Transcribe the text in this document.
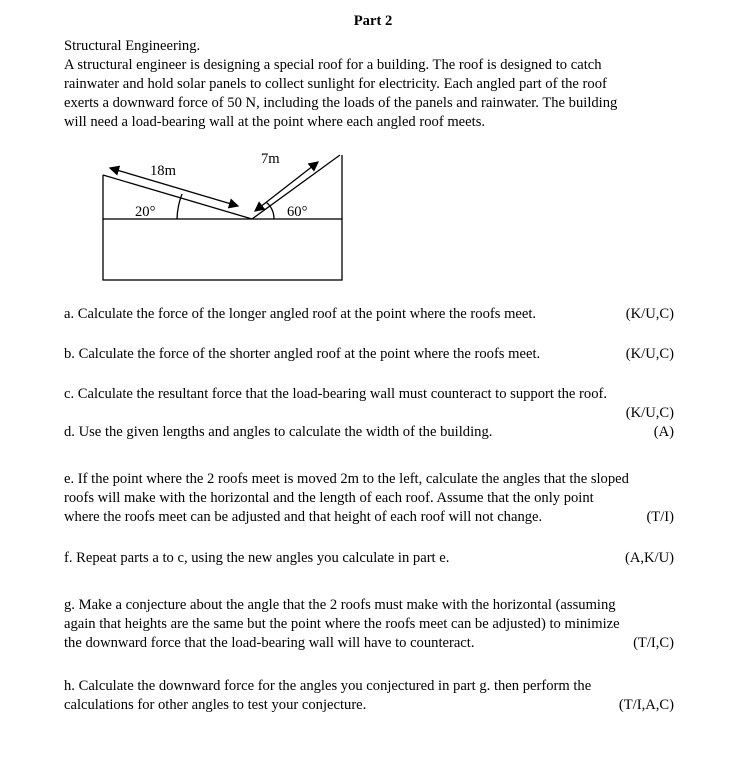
Part 2
Structural Engineering.
A structural engineer is designing a special roof for a building. The roof is designed to catch
rainwater and hold solar panels to collect sunlight for electricity. Each angled part of the roof
exerts a downward force of 50 N, including the loads of the panels and rainwater. The building
will need a load-bearing wall at the point where each angled roof meets.
18m
7m
20°	60°
a. Calculate the force of the longer angled roof at the point where the roofs meet.	(K/U,C)
b. Calculate the force of the shorter angled roof at the point where the roofs meet.	(K/U,C)
c. Calculate the resultant force that the load-bearing wall must counteract to support the roof.
(K/U,C)
d. Use the given lengths and angles to calculate the width of the building.	(A)
e. If the point where the 2 roofs meet is moved 2m to the left, calculate the angles that the sloped
roofs will make with the horizontal and the length of each roof. Assume that the only point
where the roofs meet can be adjusted and that height of each roof will not change.	(T/I)
f. Repeat parts a to c, using the new angles you calculate in part e.	(A,K/U)
g. Make a conjecture about the angle that the 2 roofs must make with the horizontal (assuming
again that heights are the same but the point where the roofs meet can be adjusted) to minimize
the downward force that the load-bearing wall will have to counteract.	(T/I,C)
h. Calculate the downward force for the angles you conjectured in part g. then perform the
calculations for other angles to test your conjecture.	(T/I,A,C)
